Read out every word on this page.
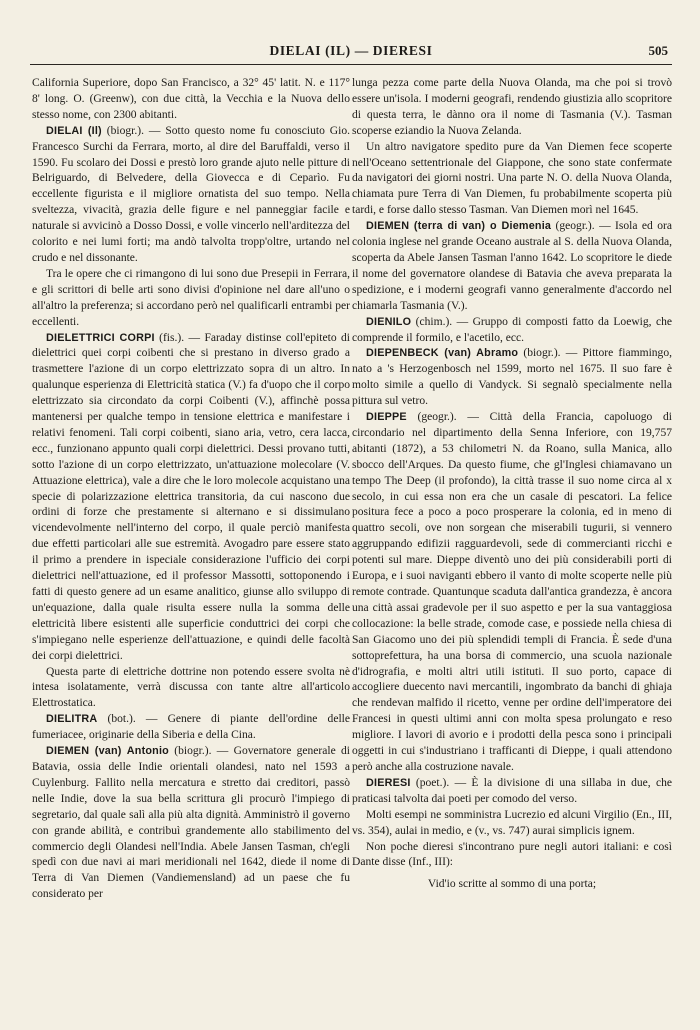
DIELAI (IL) — DIERESI	505

California Superiore, dopo San Francisco, a 32° 45' latit. N. e 117° 8' long. O. (Greenw), con due città, la Vecchia e la Nuova dello stesso nome, con 2300 abitanti.

DIELAI (Il) (biogr.). — Sotto questo nome fu conosciuto Gio. Francesco Surchi da Ferrara, morto, al dire del Baruffaldi, verso il 1590. Fu scolaro dei Dossi e prestò loro grande ajuto nelle pitture di Belriguardo, di Belvedere, della Giovecca e di Ceparìo. Fu eccellente figurista e il migliore ornatista del suo tempo. Nella sveltezza, vivacità, grazia delle figure e nel panneggiar facile e naturale si avvicinò a Dosso Dossi, e volle vincerlo nell'arditezza del colorito e nei lumi forti; ma andò talvolta tropp'oltre, urtando nel crudo e nel dissonante.

Tra le opere che ci rimangono di lui sono due Presepii in Ferrara, e gli scrittori di belle arti sono divisi d'opinione nel dare all'uno o all'altro la preferenza; si accordano però nel qualificarli entrambi per eccellenti.

DIELETTRICI CORPI (fis.). — Faraday distinse coll'epiteto di dielettrici quei corpi coibenti che si prestano in diverso grado a trasmettere l'azione di un corpo elettrizzato sopra di un altro. In qualunque esperienza di Elettricità statica (V.) fa d'uopo che il corpo elettrizzato sia circondato da corpi Coibenti (V.), affinchè possa mantenersi per qualche tempo in tensione elettrica e manifestare i relativi fenomeni. Tali corpi coibenti, siano aria, vetro, cera lacca, ecc., funzionano appunto quali corpi dielettrici. Dessi provano tutti, sotto l'azione di un corpo elettrizzato, un'attuazione molecolare (V. Attuazione elettrica), vale a dire che le loro molecole acquistano una specie di polarizzazione elettrica transitoria, da cui nascono due ordini di forze che prestamente si alternano e si dissimulano vicendevolmente nell'interno del corpo, il quale perciò manifesta due effetti particolari alle sue estremità. Avogadro pare essere stato il primo a prendere in ispeciale considerazione l'ufficio dei corpi dielettrici nell'attuazione, ed il professor Massotti, sottoponendo i fatti di questo genere ad un esame analitico, giunse allo sviluppo di un'equazione, dalla quale risulta essere nulla la somma delle elettricità libere esistenti alle superficie conduttrici dei corpi che s'impiegano nelle esperienze dell'attuazione, e quindi delle facoltà dei corpi dielettrici.

Questa parte di elettriche dottrine non potendo essere svolta nè intesa isolatamente, verrà discussa con tante altre all'articolo Elettrostatica.

DIELITRA (bot.). — Genere di piante dell'ordine delle fumeriacee, originarie della Siberia e della Cina.

DIEMEN (van) Antonio (biogr.). — Governatore generale di Batavia, ossia delle Indie orientali olandesi, nato nel 1593 a Cuylenburg. Fallito nella mercatura e stretto dai creditori, passò nelle Indie, dove la sua bella scrittura gli procurò l'impiego di segretario, dal quale salì alla più alta dignità. Amministrò il governo con grande abilità, e contribuì grandemente allo stabilimento del commercio degli Olandesi nell'India. Abele Jansen Tasman, ch'egli spedì con due navi ai mari meridionali nel 1642, diede il nome di Terra di Van Diemen (Vandiemensland) ad un paese che fu considerato per

lunga pezza come parte della Nuova Olanda, ma che poi si trovò essere un'isola. I moderni geografi, rendendo giustizia allo scopritore di questa terra, le dànno ora il nome di Tasmania (V.). Tasman scoperse eziandio la Nuova Zelanda.

Un altro navigatore spedito pure da Van Diemen fece scoperte nell'Oceano settentrionale del Giappone, che sono state confermate da navigatori dei giorni nostri. Una parte N. O. della Nuova Olanda, chiamata pure Terra di Van Diemen, fu probabilmente scoperta più tardi, e forse dallo stesso Tasman. Van Diemen morì nel 1645.

DIEMEN (terra di van) o Diemenia (geogr.). — Isola ed ora colonia inglese nel grande Oceano australe al S. della Nuova Olanda, scoperta da Abele Jansen Tasman l'anno 1642. Lo scopritore le diede il nome del governatore olandese di Batavia che aveva preparata la spedizione, e i moderni geografi vanno generalmente d'accordo nel chiamarla Tasmania (V.).

DIENILO (chim.). — Gruppo di composti fatto da Loewig, che comprende il formilo, e l'acetilo, ecc.

DIEPENBECK (van) Abramo (biogr.). — Pittore fiammingo, nato a 's Herzogenbosch nel 1599, morto nel 1675. Il suo fare è molto simile a quello di Vandyck. Si segnalò specialmente nella pittura sul vetro.

DIEPPE (geogr.). — Città della Francia, capoluogo di circondario nel dipartimento della Senna Inferiore, con 19,757 abitanti (1872), a 53 chilometri N. da Roano, sulla Manica, allo sbocco dell'Arques. Da questo fiume, che gl'Inglesi chiamavano un tempo The Deep (il profondo), la città trasse il suo nome circa al x secolo, in cui essa non era che un casale di pescatori. La felice positura fece a poco a poco prosperare la colonia, ed in meno di quattro secoli, ove non sorgean che miserabili tugurii, si vennero aggruppando edifizii ragguardevoli, sede di commercianti ricchi e potenti sul mare. Dieppe diventò uno dei più considerabili porti di Europa, e i suoi naviganti ebbero il vanto di molte scoperte nelle più remote contrade. Quantunque scaduta dall'antica grandezza, è ancora una città assai gradevole per il suo aspetto e per la sua vantaggiosa collocazione: la belle strade, comode case, e possiede nella chiesa di San Giacomo uno dei più splendidi templi di Francia. È sede d'una sottoprefettura, ha una borsa di commercio, una scuola nazionale d'idrografia, e molti altri utili istituti. Il suo porto, capace di accogliere duecento navi mercantili, ingombrato da banchi di ghiaja che rendevan malfido il ricetto, venne per ordine dell'imperatore dei Francesi in questi ultimi anni con molta spesa prolungato e reso migliore. I lavori di avorio e i prodotti della pesca sono i principali oggetti in cui s'industriano i trafficanti di Dieppe, i quali attendono però anche alla costruzione navale.

DIERESI (poet.). — È la divisione di una sillaba in due, che praticasi talvolta dai poeti per comodo del verso.

Molti esempi ne somministra Lucrezio ed alcuni Virgilio (En., III, vs. 354), aulai in medio, e (v., vs. 747) aurai simplicis ignem.

Non poche dieresi s'incontrano pure negli autori italiani: e così Dante disse (Inf., III):

Vid'io scritte al sommo di una porta;
